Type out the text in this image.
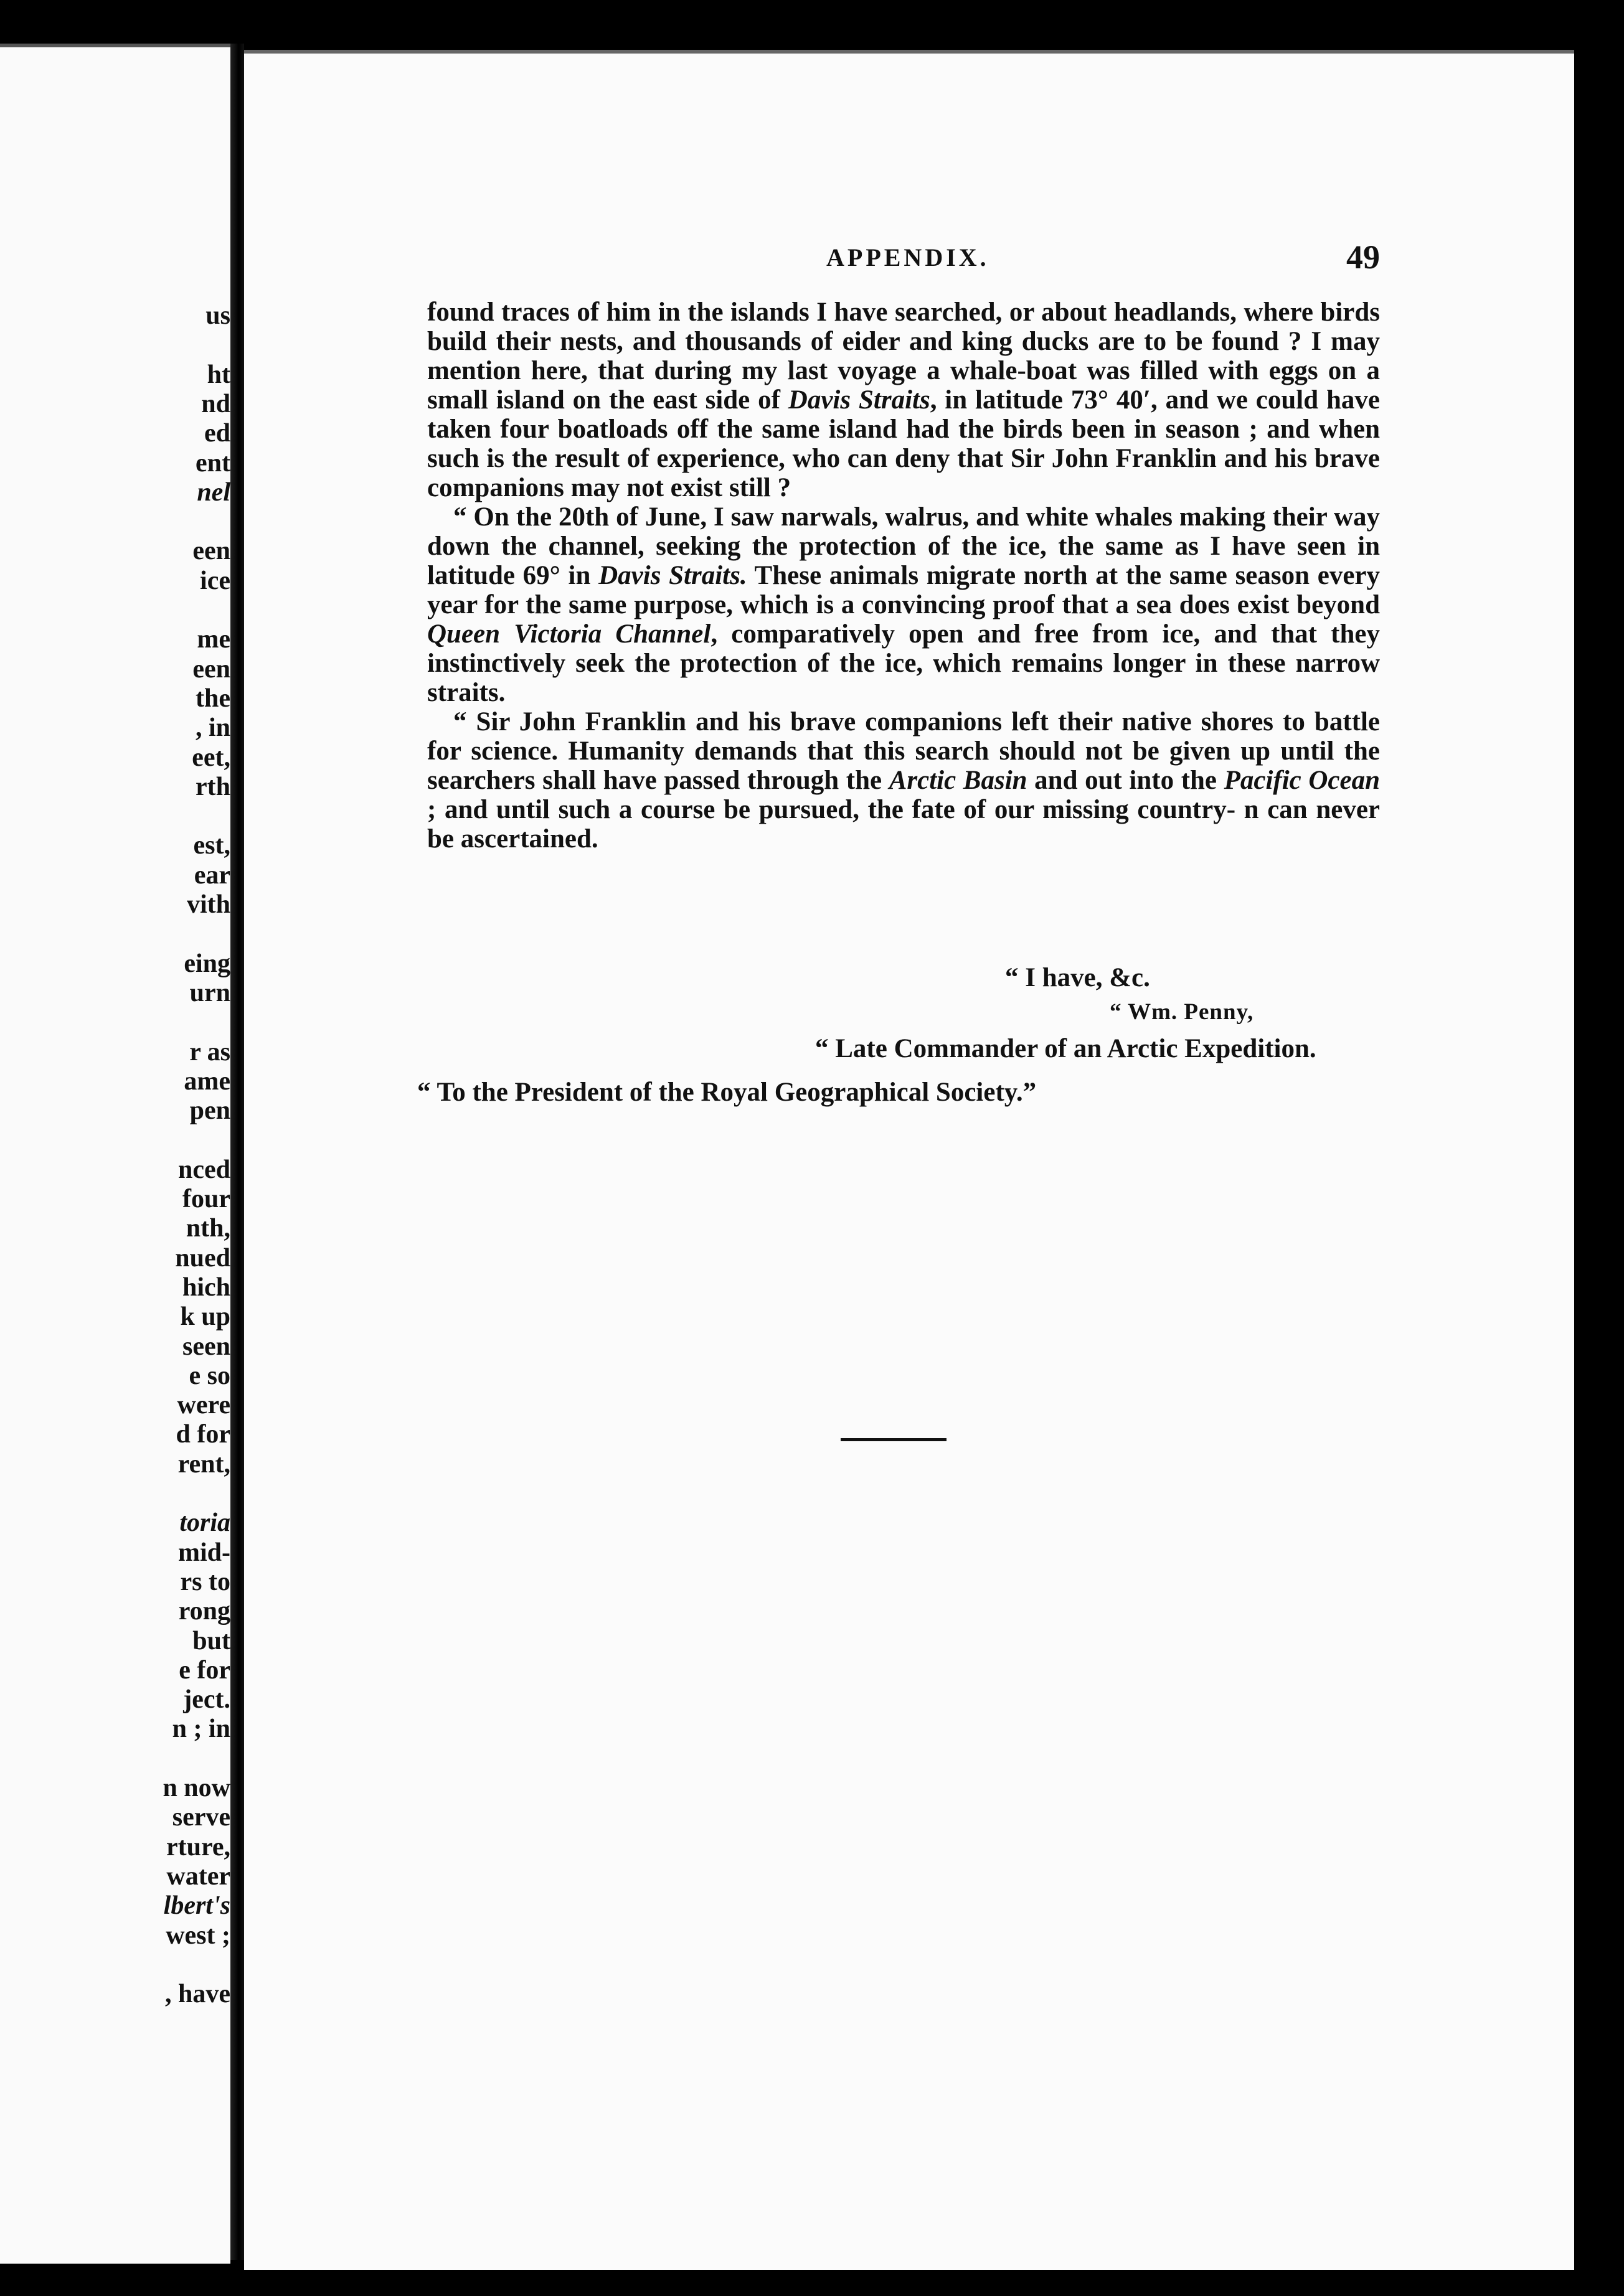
us
ht
nd
ed
ent
nel
een
ice
me
een
the
, in
eet,
rth
est,
ear
vith
eing
urn
r as
ame
pen
nced
four
nth,
nued
hich
k up
seen
e so
were
d for
rent,
toria
mid-
rs to
rong
but
e for
ject.
n ; in
n now
serve
rture,
water
lbert's
west ;
, have
APPENDIX.	49

found traces of him in the islands I have searched, or about headlands, where birds build their nests, and thousands of eider and king ducks are to be found ? I may mention here, that during my last voyage a whale-boat was filled with eggs on a small island on the east side of Davis Straits, in latitude 73° 40′, and we could have taken four boatloads off the same island had the birds been in season ; and when such is the result of experience, who can deny that Sir John Franklin and his brave companions may not exist still ?

“ On the 20th of June, I saw narwals, walrus, and white whales making their way down the channel, seeking the protection of the ice, the same as I have seen in latitude 69° in Davis Straits. These animals migrate north at the same season every year for the same purpose, which is a convincing proof that a sea does exist beyond Queen Victoria Channel, comparatively open and free from ice, and that they instinctively seek the protection of the ice, which remains longer in these narrow straits.

“ Sir John Franklin and his brave companions left their native shores to battle for science. Humanity demands that this search should not be given up until the searchers shall have passed through the Arctic Basin and out into the Pacific Ocean ; and until such a course be pursued, the fate of our missing country- n can never be ascertained.

“ I have, &c.
“ Wm. Penny,
“ Late Commander of an Arctic Expedition.
“ To the President of the Royal Geographical Society.”
